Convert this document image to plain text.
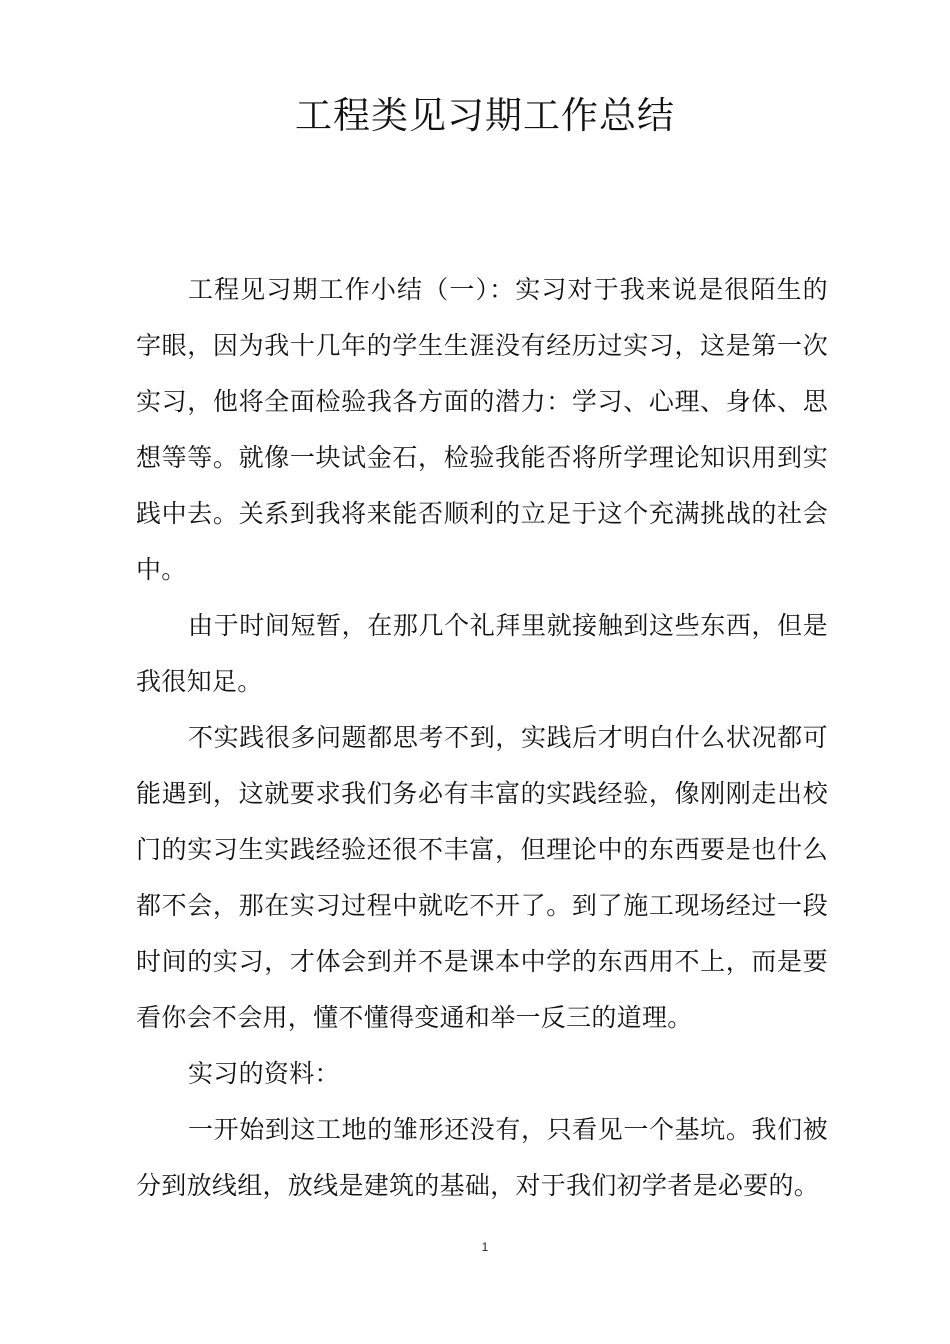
工程类见习期工作总结

工程见习期工作小结（一）：实习对于我来说是很陌生的字眼，因为我十几年的学生生涯没有经历过实习，这是第一次实习，他将全面检验我各方面的潜力：学习、心理、身体、思想等等。就像一块试金石，检验我能否将所学理论知识用到实践中去。关系到我将来能否顺利的立足于这个充满挑战的社会中。

由于时间短暂，在那几个礼拜里就接触到这些东西，但是我很知足。

不实践很多问题都思考不到，实践后才明白什么状况都可能遇到，这就要求我们务必有丰富的实践经验，像刚刚走出校门的实习生实践经验还很不丰富，但理论中的东西要是也什么都不会，那在实习过程中就吃不开了。到了施工现场经过一段时间的实习，才体会到并不是课本中学的东西用不上，而是要看你会不会用，懂不懂得变通和举一反三的道理。

实习的资料：

一开始到这工地的雏形还没有，只看见一个基坑。我们被分到放线组，放线是建筑的基础，对于我们初学者是必要的。

1
